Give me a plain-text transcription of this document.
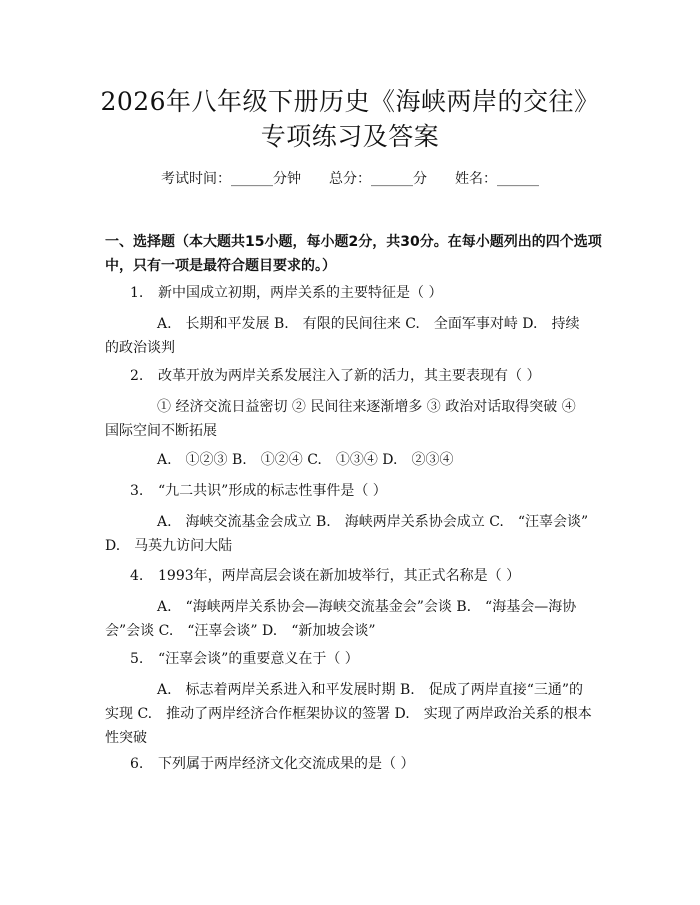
2026年八年级下册历史《海峡两岸的交往》
专项练习及答案
考试时间：______分钟 总分：______分 姓名：______
一、选择题（本大题共15小题，每小题2分，共30分。在每小题列出的四个选项中，只有一项是最符合题目要求的。）
1. 新中国成立初期，两岸关系的主要特征是（ ）
A.　长期和平发展 B.　有限的民间往来 C.　全面军事对峙 D.　持续的政治谈判
2. 改革开放为两岸关系发展注入了新的活力，其主要表现有（ ）
① 经济交流日益密切 ② 民间往来逐渐增多 ③ 政治对话取得突破 ④ 国际空间不断拓展
A.　①②③ B.　①②④ C.　①③④ D.　②③④
3. “九二共识”形成的标志性事件是（ ）
A.　海峡交流基金会成立 B.　海峡两岸关系协会成立 C.　“汪辜会谈” D.　马英九访问大陆
4. 1993年，两岸高层会谈在新加坡举行，其正式名称是（ ）
A.　“海峡两岸关系协会—海峡交流基金会”会谈 B.　“海基会—海协会”会谈 C.　“汪辜会谈” D.　“新加坡会谈”
5. “汪辜会谈”的重要意义在于（ ）
A.　标志着两岸关系进入和平发展时期 B.　促成了两岸直接“三通”的实现 C.　推动了两岸经济合作框架协议的签署 D.　实现了两岸政治关系的根本性突破
6. 下列属于两岸经济文化交流成果的是（ ）
